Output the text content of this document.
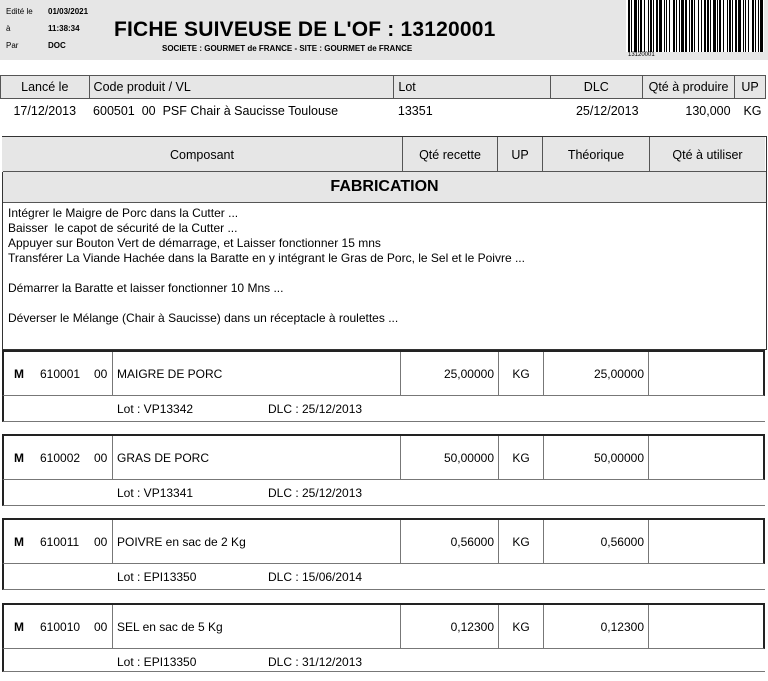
Edité le 01/03/2021
à	11:38:34
Par	DOC
FICHE SUIVEUSE DE L'OF : 13120001
SOCIETE : GOURMET de FRANCE - SITE : GOURMET de FRANCE
13120001
Lancé le	Code produit / VL	Lot	DLC	Qté à produire	UP
17/12/2013	600501 00 PSF Chair à Saucisse Toulouse	13351	25/12/2013	130,000	KG
Composant	Qté recette	UP	Théorique	Qté à utiliser
FABRICATION
Intégrer le Maigre de Porc dans la Cutter ...
Baisser  le capot de sécurité de la Cutter ...
Appuyer sur Bouton Vert de démarrage, et Laisser fonctionner 15 mns
Transférer La Viande Hachée dans la Baratte en y intégrant le Gras de Porc, le Sel et le Poivre ...
Démarrer la Baratte et laisser fonctionner 10 Mns ...
Déverser le Mélange (Chair à Saucisse) dans un réceptacle à roulettes ...
M 610001 00 MAIGRE DE PORC	25,00000	KG	25,00000
Lot : VP13342	DLC : 25/12/2013
M 610002 00 GRAS DE PORC	50,00000	KG	50,00000
Lot : VP13341	DLC : 25/12/2013
M 610011 00 POIVRE en sac de 2 Kg	0,56000	KG	0,56000
Lot : EPI13350	DLC : 15/06/2014
M 610010 00 SEL en sac de 5 Kg	0,12300	KG	0,12300
Lot : EPI13350	DLC : 31/12/2013
